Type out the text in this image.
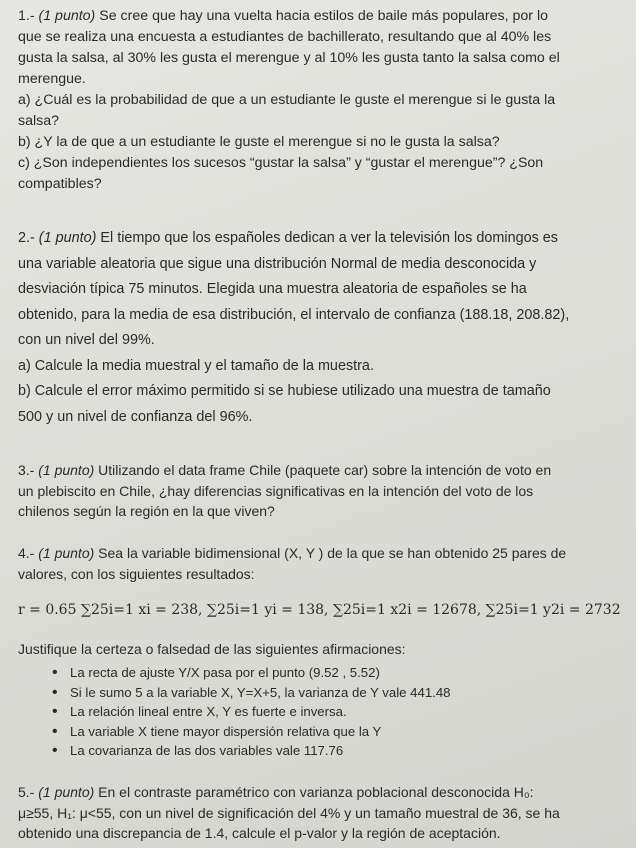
1.- (1 punto) Se cree que hay una vuelta hacia estilos de baile más populares, por lo

que se realiza una encuesta a estudiantes de bachillerato, resultando que al 40% les

gusta la salsa, al 30% les gusta el merengue y al 10% les gusta tanto la salsa como el

merengue.

a) ¿Cuál es la probabilidad de que a un estudiante le guste el merengue si le gusta la

salsa?

b) ¿Y la de que a un estudiante le guste el merengue si no le gusta la salsa?

c) ¿Son independientes los sucesos “gustar la salsa” y “gustar el merengue”? ¿Son

compatibles?

2.- (1 punto) El tiempo que los españoles dedican a ver la televisión los domingos es

una variable aleatoria que sigue una distribución Normal de media desconocida y

desviación típica 75 minutos. Elegida una muestra aleatoria de españoles se ha

obtenido, para la media de esa distribución, el intervalo de confianza (188.18, 208.82),

con un nivel del 99%.

a) Calcule la media muestral y el tamaño de la muestra.

b) Calcule el error máximo permitido si se hubiese utilizado una muestra de tamaño

500 y un nivel de confianza del 96%.

3.- (1 punto) Utilizando el data frame Chile (paquete car) sobre la intención de voto en

un plebiscito en Chile, ¿hay diferencias significativas en la intención del voto de los

chilenos según la región en la que viven?

4.- (1 punto) Sea la variable bidimensional (X, Y ) de la que se han obtenido 25 pares de

valores, con los siguientes resultados:

r = 0.65 ∑25i=1 xi = 238, ∑25i=1 yi = 138, ∑25i=1 x2i = 12678, ∑25i=1 y2i = 2732

Justifique la certeza o falsedad de las siguientes afirmaciones:

• La recta de ajuste Y/X pasa por el punto (9.52 , 5.52)
• Si le sumo 5 a la variable X, Y=X+5, la varianza de Y vale 441.48
• La relación lineal entre X, Y es fuerte e inversa.
• La variable X tiene mayor dispersión relativa que la Y
• La covarianza de las dos variables vale 117.76

5.- (1 punto) En el contraste paramétrico con varianza poblacional desconocida H₀:

μ≥55, H₁: μ<55, con un nivel de significación del 4% y un tamaño muestral de 36, se ha

obtenido una discrepancia de 1.4, calcule el p-valor y la región de aceptación.
